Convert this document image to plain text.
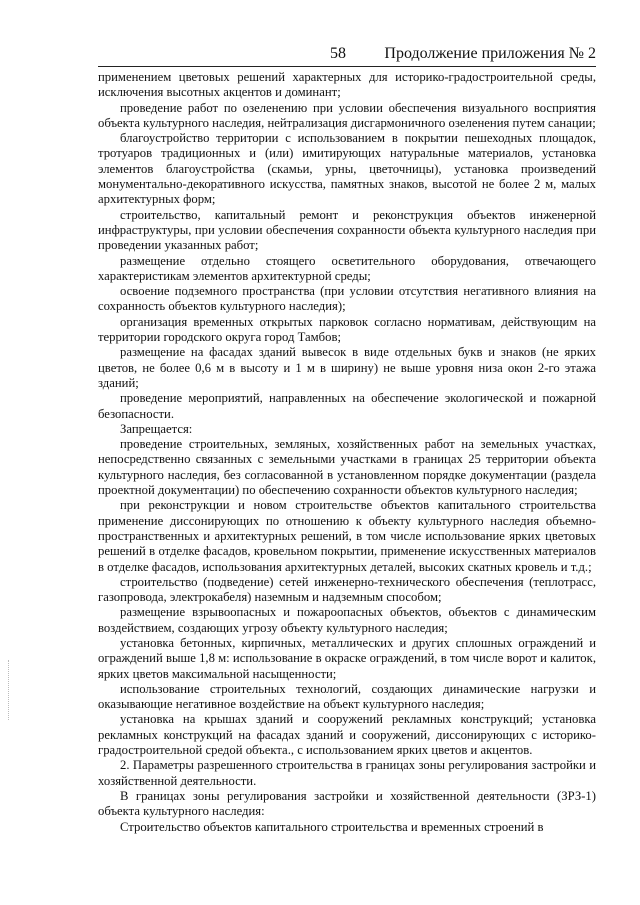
58 Продолжение приложения № 2

применением цветовых решений характерных для историко-градостроительной среды, исключения высотных акцентов и доминант;

проведение работ по озеленению при условии обеспечения визуального восприятия объекта культурного наследия, нейтрализация дисгармоничного озеленения путем санации;

благоустройство территории с использованием в покрытии пешеходных площадок, тротуаров традиционных и (или) имитирующих натуральные материалов, установка элементов благоустройства (скамьи, урны, цветочницы), установка произведений монументально-декоративного искусства, памятных знаков, высотой не более 2 м, малых архитектурных форм;

строительство, капитальный ремонт и реконструкция объектов инженерной инфраструктуры, при условии обеспечения сохранности объекта культурного наследия при проведении указанных работ;

размещение отдельно стоящего осветительного оборудования, отвечающего характеристикам элементов архитектурной среды;

освоение подземного пространства (при условии отсутствия негативного влияния на сохранность объектов культурного наследия);

организация временных открытых парковок согласно нормативам, действующим на территории городского округа город Тамбов;

размещение на фасадах зданий вывесок в виде отдельных букв и знаков (не ярких цветов, не более 0,6 м в высоту и 1 м в ширину) не выше уровня низа окон 2-го этажа зданий;

проведение мероприятий, направленных на обеспечение экологической и пожарной безопасности.

Запрещается:

проведение строительных, земляных, хозяйственных работ на земельных участках, непосредственно связанных с земельными участками в границах 25 территории объекта культурного наследия, без согласованной в установленном порядке документации (раздела проектной документации) по обеспечению сохранности объектов культурного наследия;

при реконструкции и новом строительстве объектов капитального строительства применение диссонирующих по отношению к объекту культурного наследия объемно-пространственных и архитектурных решений, в том числе использование ярких цветовых решений в отделке фасадов, кровельном покрытии, применение искусственных материалов в отделке фасадов, использования архитектурных деталей, высоких скатных кровель и т.д.;

строительство (подведение) сетей инженерно-технического обеспечения (теплотрасс, газопровода, электрокабеля) наземным и надземным способом;

размещение взрывоопасных и пожароопасных объектов, объектов с динамическим воздействием, создающих угрозу объекту культурного наследия;

установка бетонных, кирпичных, металлических и других сплошных ограждений и ограждений выше 1,8 м: использование в окраске ограждений, в том числе ворот и калиток, ярких цветов максимальной насыщенности;

использование строительных технологий, создающих динамические нагрузки и оказывающие негативное воздействие на объект культурного наследия;

установка на крышах зданий и сооружений рекламных конструкций; установка рекламных конструкций на фасадах зданий и сооружений, диссонирующих с историко-градостроительной средой объекта., с использованием ярких цветов и акцентов.

2. Параметры разрешенного строительства в границах зоны регулирования застройки и хозяйственной деятельности.

В границах зоны регулирования застройки и хозяйственной деятельности (ЗРЗ-1) объекта культурного наследия:

Строительство объектов капитального строительства и временных строений в
